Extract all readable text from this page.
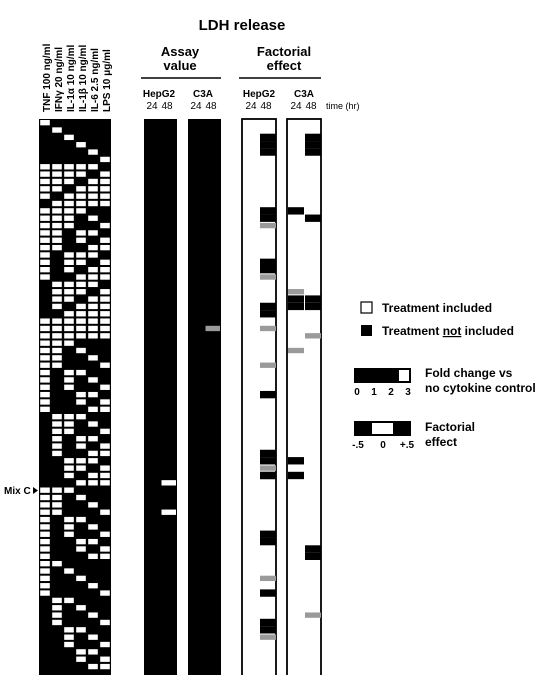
LDH release
TNF 100 ng/ml IFNγ 20 ng/ml IL-1α 10 ng/ml IL-1β 10 ng/ml IL-6 2.5 ng/ml LPS 10 μg/ml	Assay
value
Factorial
effect
HepG2 C3A	HepG2 C3A
24 48 24 48	24 48 24 48 time (hr)
Mix C
Treatment included
Treatment not included
0 1 2 3
Fold change vs
no cytokine control
-.5 0 +.5
Factorial
effect
